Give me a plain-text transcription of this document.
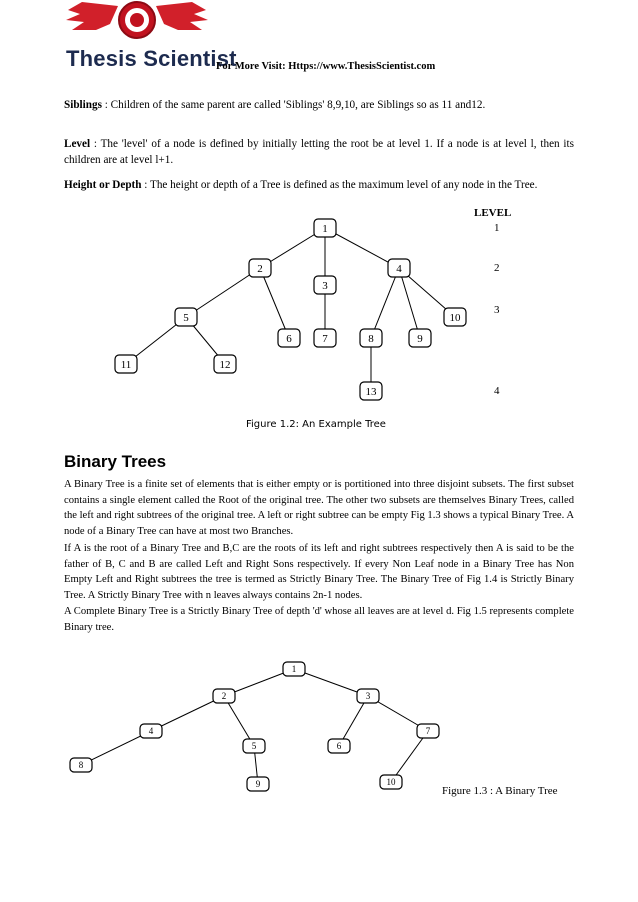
Thesis Scientist
For More Visit: Https://www.ThesisScientist.com
Siblings : Children of the same parent are called 'Siblings' 8,9,10, are Siblings so as 11 and12.
Level : The 'level' of a node is defined by initially letting the root be at level 1. If a node is at level l, then its children are at level l+1.
Height or Depth : The height or depth of a Tree is defined as the maximum level of any node in the Tree.
1
2
3
4
5
6	7	8	9
10
11	12
13
LEVEL
1
2
3
4
Figure 1.2: An Example Tree
Binary Trees
A Binary Tree is a finite set of elements that is either empty or is portitioned into three disjoint subsets. The first subset contains a single element called the Root of the original tree. The other two subsets are themselves Binary Trees, called the left and right subtrees of the original tree. A left or right subtree can be empty Fig 1.3 shows a typical Binary Tree. A node of a Binary Tree can have at most two Branches.
If A is the root of a Binary Tree and B,C are the roots of its left and right subtrees respectively then A is said to be the father of B, C and B are called Left and Right Sons respectively. If every Non Leaf node in a Binary Tree has Non Empty Left and Right subtrees the tree is termed as Strictly Binary Tree. The Binary Tree of Fig 1.4 is Strictly Binary Tree. A Strictly Binary Tree with n leaves always contains 2n-1 nodes.
A Complete Binary Tree is a Strictly Binary Tree of depth 'd' whose all leaves are at level d. Fig 1.5 represents complete Binary tree.
1
2	3
4
5	6
7
8
9	10
Figure 1.3 : A Binary Tree
